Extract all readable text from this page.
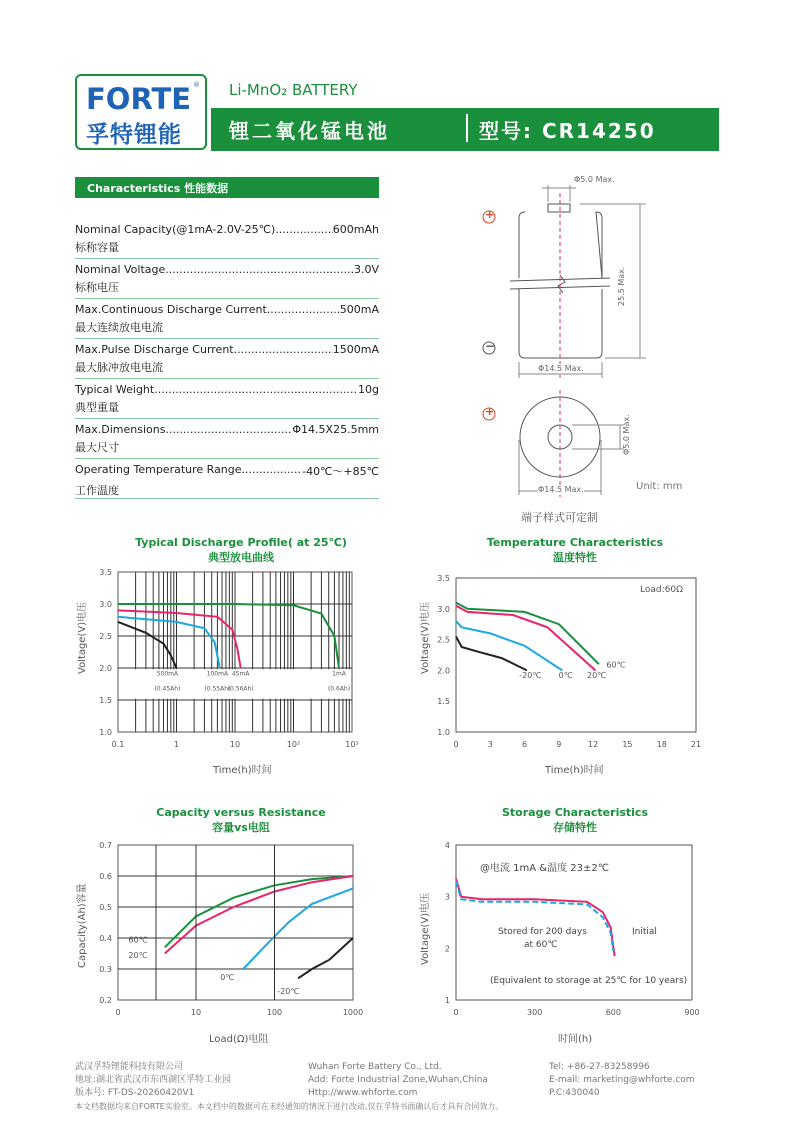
FORTE ®
孚特锂能
Li-MnO₂ BATTERY
锂二氧化锰电池	型号: CR14250
Characteristics 性能数据
Nominal Capacity(@1mA-2.0V-25℃) .....	600mAh
标称容量
Nominal Voltage .....	3.0V
标称电压
Max.Continuous Discharge Current .....	500mA
最大连续放电电流
Max.Pulse Discharge Current .....	1500mA
最大脉冲放电电流
Typical Weight .....	10g
典型重量
Max.Dimensions .....	Φ14.5X25.5mm
最大尺寸
Operating Temperature Range .....	-40℃～+85℃
工作温度
+
−
+
Φ5.0 Max.
25.5 Max.
Φ14.5 Max.
Φ5.0 Max.
Φ14.5 Max.	Unit: mm
端子样式可定制
Typical Discharge Profile( at 25℃)
典型放电曲线
Temperature Characteristics
温度特性
Capacity versus Resistance
容量vs电阻
Storage Characteristics
存储特性
3.5
3.0
2.5
2.0
1.5
1.0
0.1	1	10	10²	10³
500mA
(0.45Ah)
100mA
(0.55Ah)
45mA
(0.56Ah)
1mA
(0.6Ah)
3.5
3.0
2.5
2.0
1.5
1.0
0	3	6	9	12	15	18	21
-20℃ 0℃ 20℃
60℃
0.7
0.6
0.5
0.4
0.3
0.2
0	10	100	1000
60℃
20℃
0℃
-20℃
4
3
2
1
0	300	600	900
Voltage(V)电压
Time(h)时间
Voltage(V)电压
Time(h)时间
Load:60Ω
Capacity(Ah)容量
Load(Ω)电阻
Voltage(V)电压
时间(h)
@电流 1mA &温度 23±2℃
Stored for 200 days
at 60℃
Initial
(Equivalent to storage at 25℃ for 10 years)
武汉孚特锂能科技有限公司
地址:湖北省武汉市东西湖区孚特工业园
版本号: FT-DS-20260420V1
Wuhan Forte Battery Co., Ltd.
Add: Forte Industrial Zone,Wuhan,China
Http://www.whforte.com
Tel: +86-27-83258996
E-mail: marketing@whforte.com
P.C:430040
本文档数据均来自FORTE实验室。本文档中的数据可在未经通知的情况下进行改动,仅在孚特书面确认后才具有合同效力。
